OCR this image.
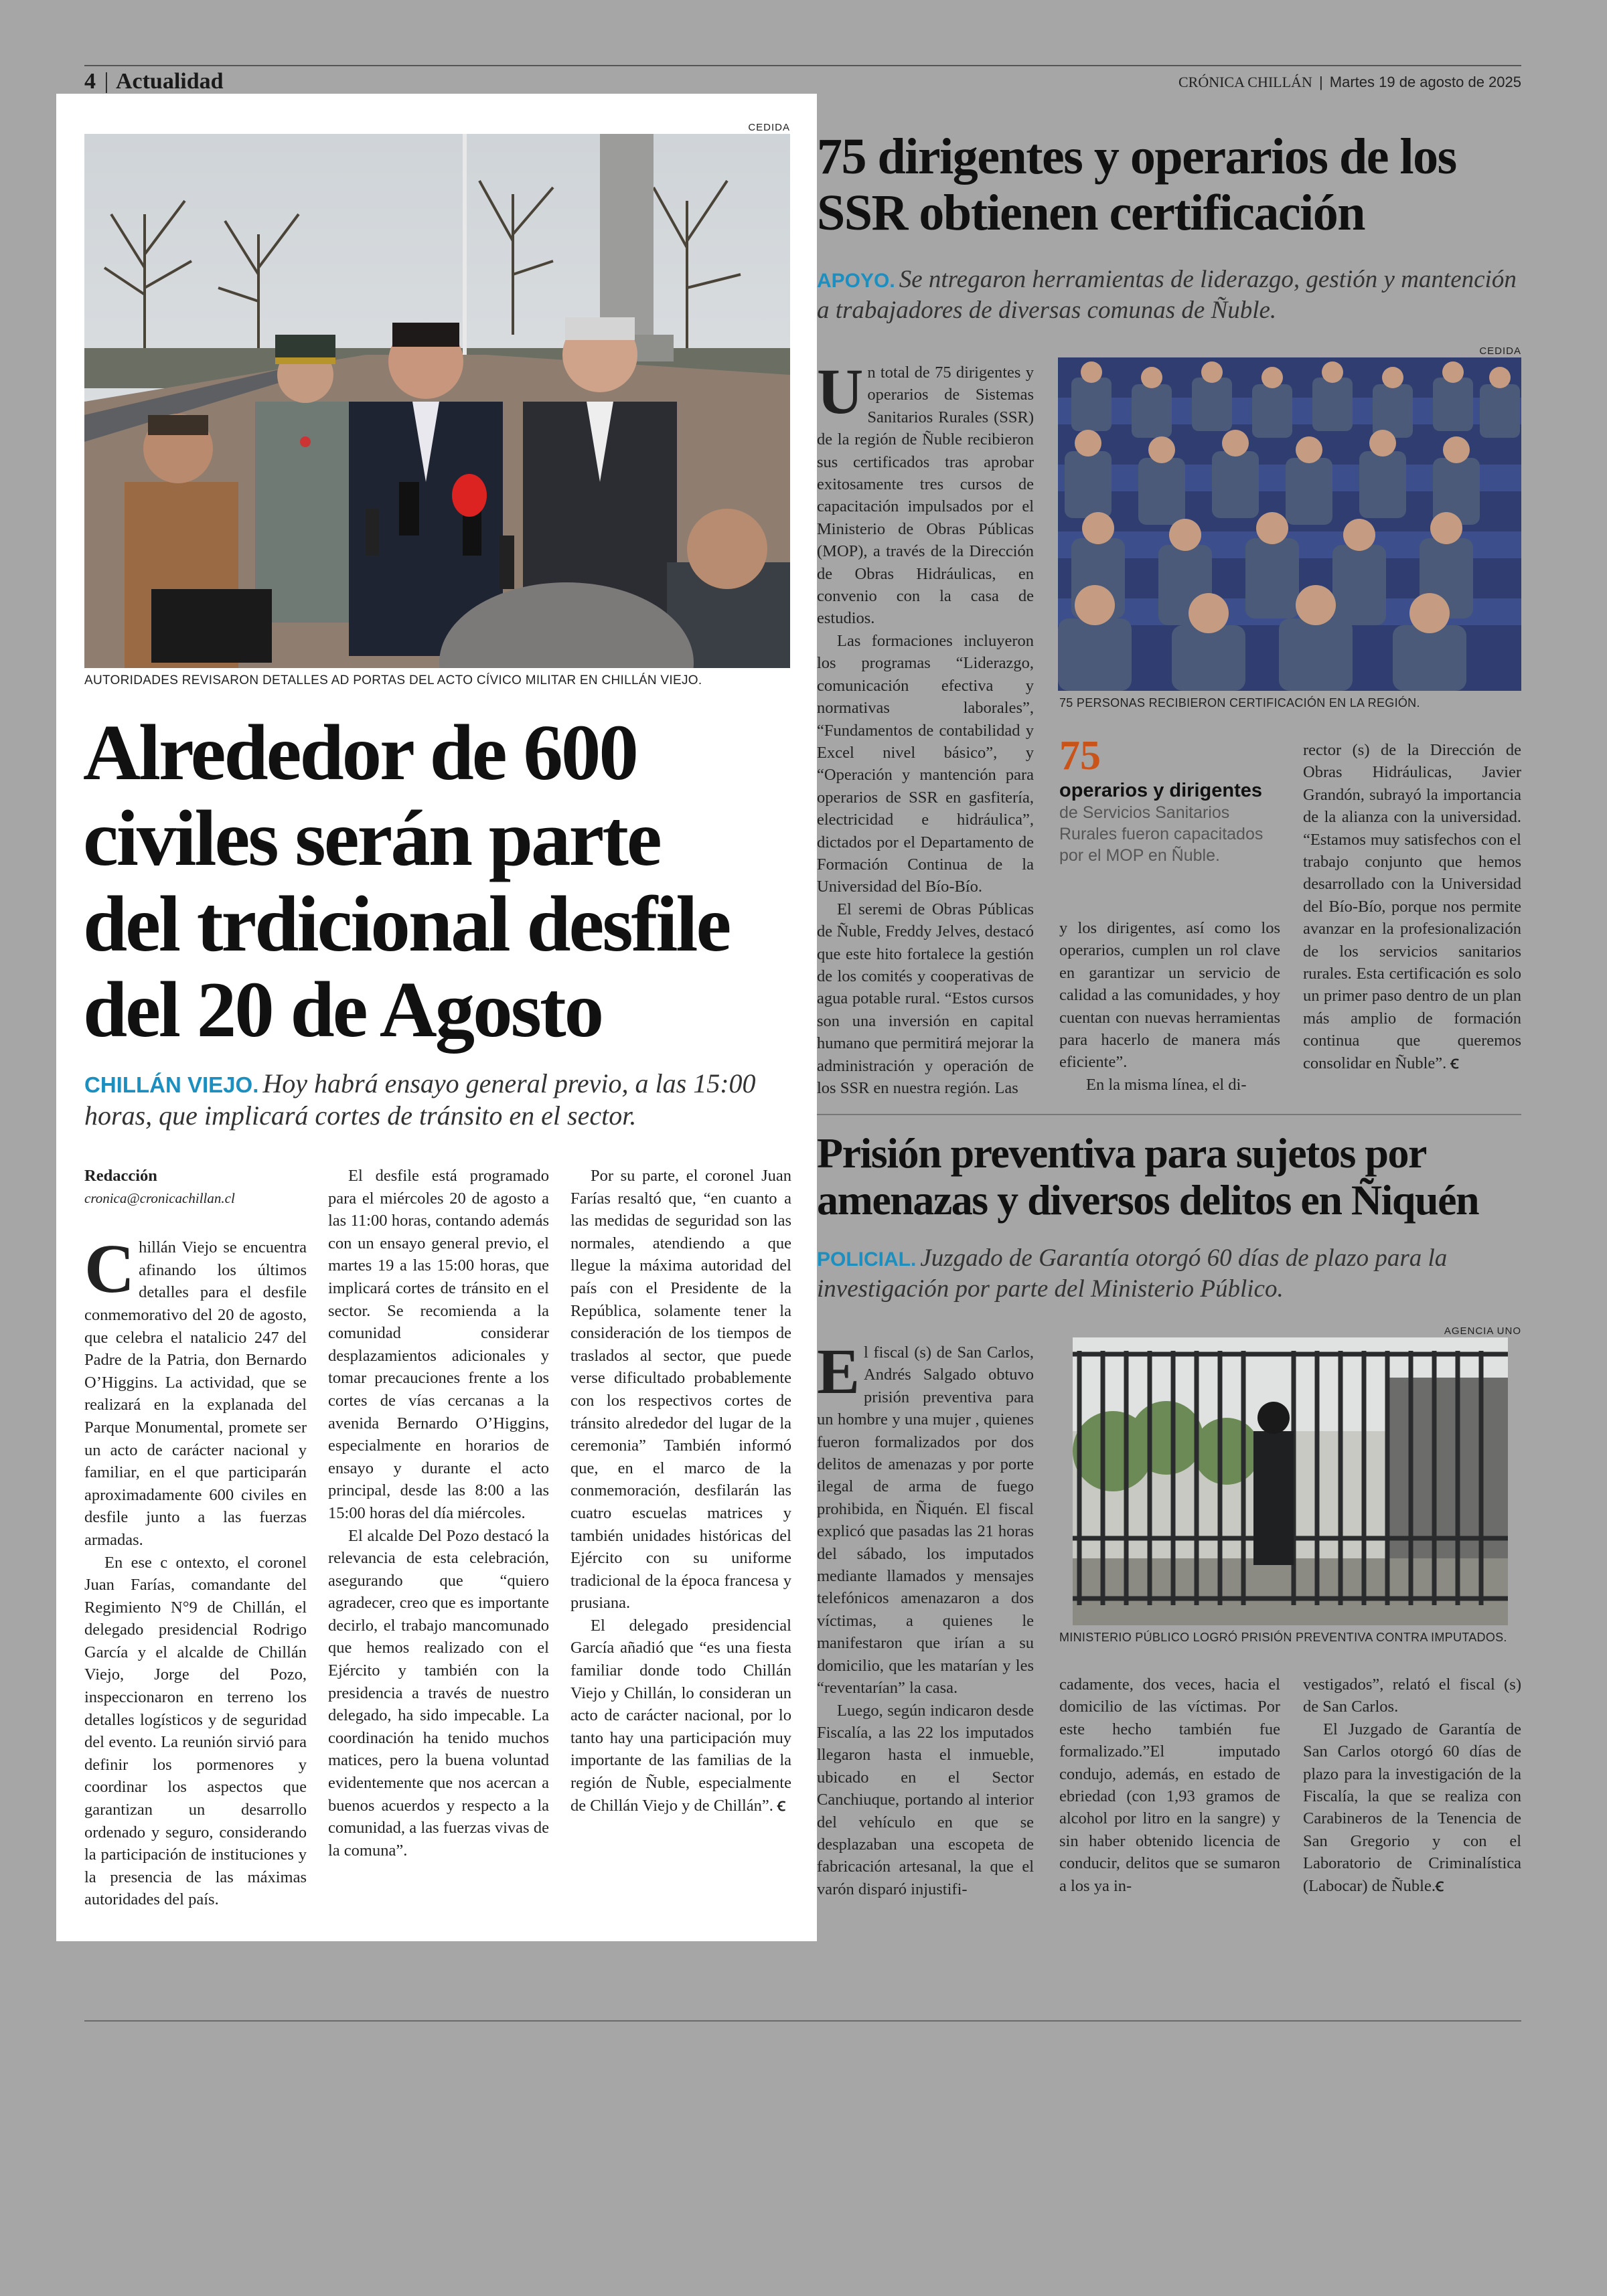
4 | Actualidad	CRÓNICA CHILLÁN | Martes 19 de agosto de 2025
CEDIDA
AUTORIDADES REVISARON DETALLES AD PORTAS DEL ACTO CÍVICO MILITAR EN CHILLÁN VIEJO.
Alrededor de 600
civiles serán parte
del trdicional desfile
del 20 de Agosto
CHILLÁN VIEJO. Hoy habrá ensayo general previo, a las 15:00 horas, que implicará cortes de tránsito en el sector.
Redacción
cronica@cronicachillan.cl

Chillán Viejo se encuentra afinando los últimos detalles para el desfile conmemorativo del 20 de agosto, que celebra el natalicio 247 del Padre de la Patria, don Bernardo O’Higgins. La actividad, que se realizará en la explanada del Parque Monumental, promete ser un acto de carácter nacional y familiar, en el que participarán aproximadamente 600 civiles en desfile junto a las fuerzas armadas.

En ese c ontexto, el coronel Juan Farías, comandante del Regimiento N°9 de Chillán, el delegado presidencial Rodrigo García y el alcalde de Chillán Viejo, Jorge del Pozo, inspeccionaron en terreno los detalles logísticos y de seguridad del evento. La reunión sirvió para definir los pormenores y coordinar los aspectos que garantizan un desarrollo ordenado y seguro, considerando la participación de instituciones y la presencia de las máximas autoridades del país.

El desfile está programado para el miércoles 20 de agosto a las 11:00 horas, contando además con un ensayo general previo, el martes 19 a las 15:00 horas, que implicará cortes de tránsito en el sector. Se recomienda a la comunidad considerar desplazamientos adicionales y tomar precauciones frente a los cortes de vías cercanas a la avenida Bernardo O’Higgins, especialmente en horarios de ensayo y durante el acto principal, desde las 8:00 a las 15:00 horas del día miércoles.

El alcalde Del Pozo destacó la relevancia de esta celebración, asegurando que “quiero agradecer, creo que es importante decirlo, el trabajo mancomunado que hemos realizado con el Ejército y también con la presidencia a través de nuestro delegado, ha sido impecable. La coordinación ha tenido muchos matices, pero la buena voluntad evidentemente que nos acercan a buenos acuerdos y respecto a la comunidad, a las fuerzas vivas de la comuna”.

Por su parte, el coronel Juan Farías resaltó que, “en cuanto a las medidas de seguridad son las normales, atendiendo a que llegue la máxima autoridad del país con el Presidente de la República, solamente tener la consideración de los tiempos de traslados al sector, que puede verse dificultado probablemente con los respectivos cortes de tránsito alrededor del lugar de la ceremonia” También informó que, en el marco de la conmemoración, desfilarán las cuatro escuelas matrices y también unidades históricas del Ejército con su uniforme tradicional de la época francesa y prusiana.

El delegado presidencial García añadió que “es una fiesta familiar donde todo Chillán Viejo y Chillán, lo consideran un acto de carácter nacional, por lo tanto hay una participación muy importante de las familias de la región de Ñuble, especialmente de Chillán Viejo y de Chillán”. Ꞓ

75 dirigentes y operarios de los
SSR obtienen certificación
APOYO. Se ntregaron herramientas de liderazgo, gestión y mantención a trabajadores de diversas comunas de Ñuble.

Un total de 75 dirigentes y operarios de Sistemas Sanitarios Rurales (SSR) de la región de Ñuble recibieron sus certificados tras aprobar exitosamente tres cursos de capacitación impulsados por el Ministerio de Obras Públicas (MOP), a través de la Dirección de Obras Hidráulicas, en convenio con la casa de estudios.

Las formaciones incluyeron los programas “Liderazgo, comunicación efectiva y normativas laborales”, “Fundamentos de contabilidad y Excel nivel básico”, y “Operación y mantención para operarios de SSR en gasfitería, electricidad e hidráulica”, dictados por el Departamento de Formación Continua de la Universidad del Bío-Bío.

El seremi de Obras Públicas de Ñuble, Freddy Jelves, destacó que este hito fortalece la gestión de los comités y cooperativas de agua potable rural. “Estos cursos son una inversión en capital humano que permitirá mejorar la administración y operación de los SSR en nuestra región. Las

CEDIDA
75 PERSONAS RECIBIERON CERTIFICACIÓN EN LA REGIÓN.
75
operarios y dirigentes
de Servicios Sanitarios Rurales fueron capacitados por el MOP en Ñuble.

y los dirigentes, así como los operarios, cumplen un rol clave en garantizar un servicio de calidad a las comunidades, y hoy cuentan con nuevas herramientas para hacerlo de manera más eficiente”.

En la misma línea, el di-

rector (s) de la Dirección de Obras Hidráulicas, Javier Grandón, subrayó la importancia de la alianza con la universidad. “Estamos muy satisfechos con el trabajo conjunto que hemos desarrollado con la Universidad del Bío-Bío, porque nos permite avanzar en la profesionalización de los servicios sanitarios rurales. Esta certificación es solo un primer paso dentro de un plan más amplio de formación continua que queremos consolidar en Ñuble”. Ꞓ

Prisión preventiva para sujetos por
amenazas y diversos delitos en Ñiquén
POLICIAL. Juzgado de Garantía otorgó 60 días de plazo para la investigación por parte del Ministerio Público.

El fiscal (s) de San Carlos, Andrés Salgado obtuvo prisión preventiva para un hombre y una mujer , quienes fueron formalizados por dos delitos de amenazas y por porte ilegal de arma de fuego prohibida, en Ñiquén. El fiscal explicó que pasadas las 21 horas del sábado, los imputados mediante llamados y mensajes telefónicos amenazaron a dos víctimas, a quienes le manifestaron que irían a su domicilio, que les matarían y les “reventarían” la casa.

Luego, según indicaron desde Fiscalía, a las 22 los imputados llegaron hasta el inmueble, ubicado en el Sector Canchiuque, portando al interior del vehículo en que se desplazaban una escopeta de fabricación artesanal, la que el varón disparó injustifi-

AGENCIA UNO
MINISTERIO PÚBLICO LOGRÓ PRISIÓN PREVENTIVA CONTRA IMPUTADOS.

cadamente, dos veces, hacia el domicilio de las víctimas. Por este hecho también fue formalizado.”El imputado condujo, además, en estado de ebriedad (con 1,93 gramos de alcohol por litro en la sangre) y sin haber obtenido licencia de conducir, delitos que se sumaron a los ya in-

vestigados”, relató el fiscal (s) de San Carlos.

El Juzgado de Garantía de San Carlos otorgó 60 días de plazo para la investigación de la Fiscalía, la que se realiza con Carabineros de la Tenencia de San Gregorio y con el Laboratorio de Criminalística (Labocar) de Ñuble.Ꞓ
